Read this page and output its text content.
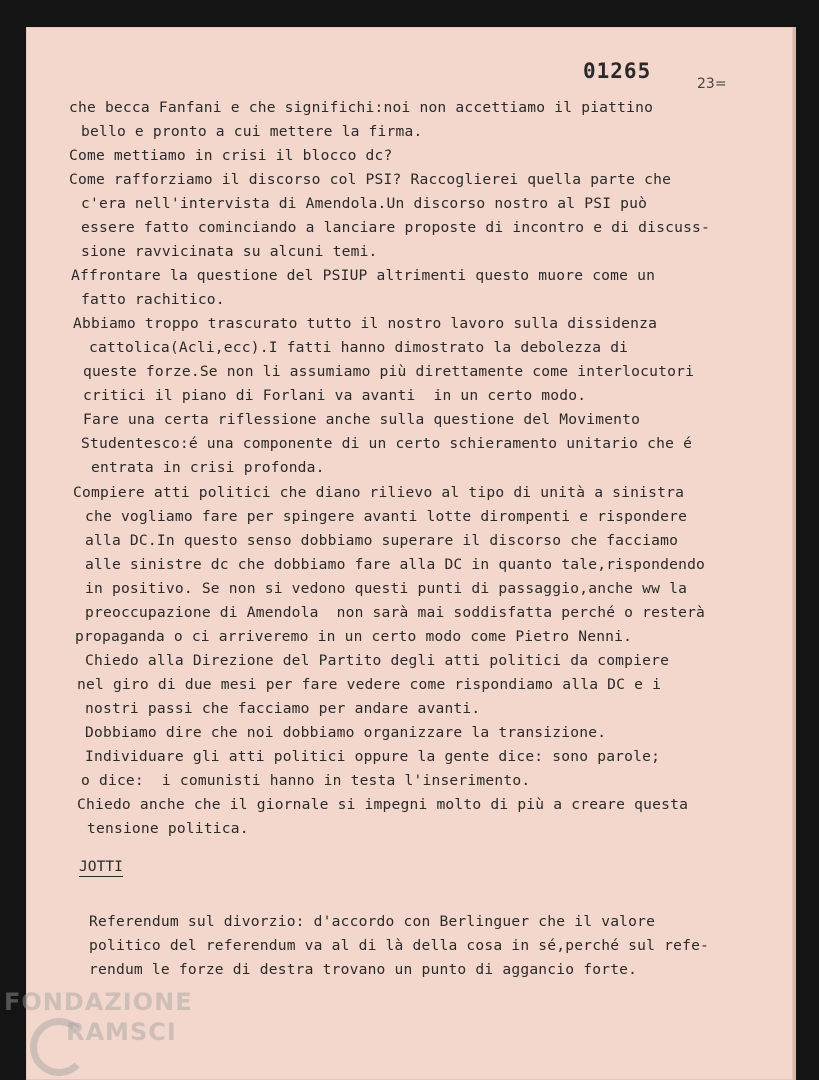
01265
23=
che becca Fanfani e che significhi:noi non accettiamo il piattino
bello e pronto a cui mettere la firma.
Come mettiamo in crisi il blocco dc?
Come rafforziamo il discorso col PSI? Raccoglierei quella parte che
c'era nell'intervista di Amendola.Un discorso nostro al PSI può
essere fatto cominciando a lanciare proposte di incontro e di discuss-
sione ravvicinata su alcuni temi.
Affrontare la questione del PSIUP altrimenti questo muore come un
fatto rachitico.
Abbiamo troppo trascurato tutto il nostro lavoro sulla dissidenza
cattolica(Acli,ecc).I fatti hanno dimostrato la debolezza di
queste forze.Se non li assumiamo più direttamente come interlocutori
critici il piano di Forlani va avanti  in un certo modo.
Fare una certa riflessione anche sulla questione del Movimento
Studentesco:é una componente di un certo schieramento unitario che é
entrata in crisi profonda.
Compiere atti politici che diano rilievo al tipo di unità a sinistra
che vogliamo fare per spingere avanti lotte dirompenti e rispondere
alla DC.In questo senso dobbiamo superare il discorso che facciamo
alle sinistre dc che dobbiamo fare alla DC in quanto tale,rispondendo
in positivo. Se non si vedono questi punti di passaggio,anche ww la
preoccupazione di Amendola  non sarà mai soddisfatta perché o resterà
propaganda o ci arriveremo in un certo modo come Pietro Nenni.
Chiedo alla Direzione del Partito degli atti politici da compiere
nel giro di due mesi per fare vedere come rispondiamo alla DC e i
nostri passi che facciamo per andare avanti.
Dobbiamo dire che noi dobbiamo organizzare la transizione.
Individuare gli atti politici oppure la gente dice: sono parole;
o dice:  i comunisti hanno in testa l'inserimento.
Chiedo anche che il giornale si impegni molto di più a creare questa
tensione politica.
JOTTI
Referendum sul divorzio: d'accordo con Berlinguer che il valore
politico del referendum va al di là della cosa in sé,perché sul refe-
rendum le forze di destra trovano un punto di aggancio forte.
FONDAZIONE
RAMSCI
